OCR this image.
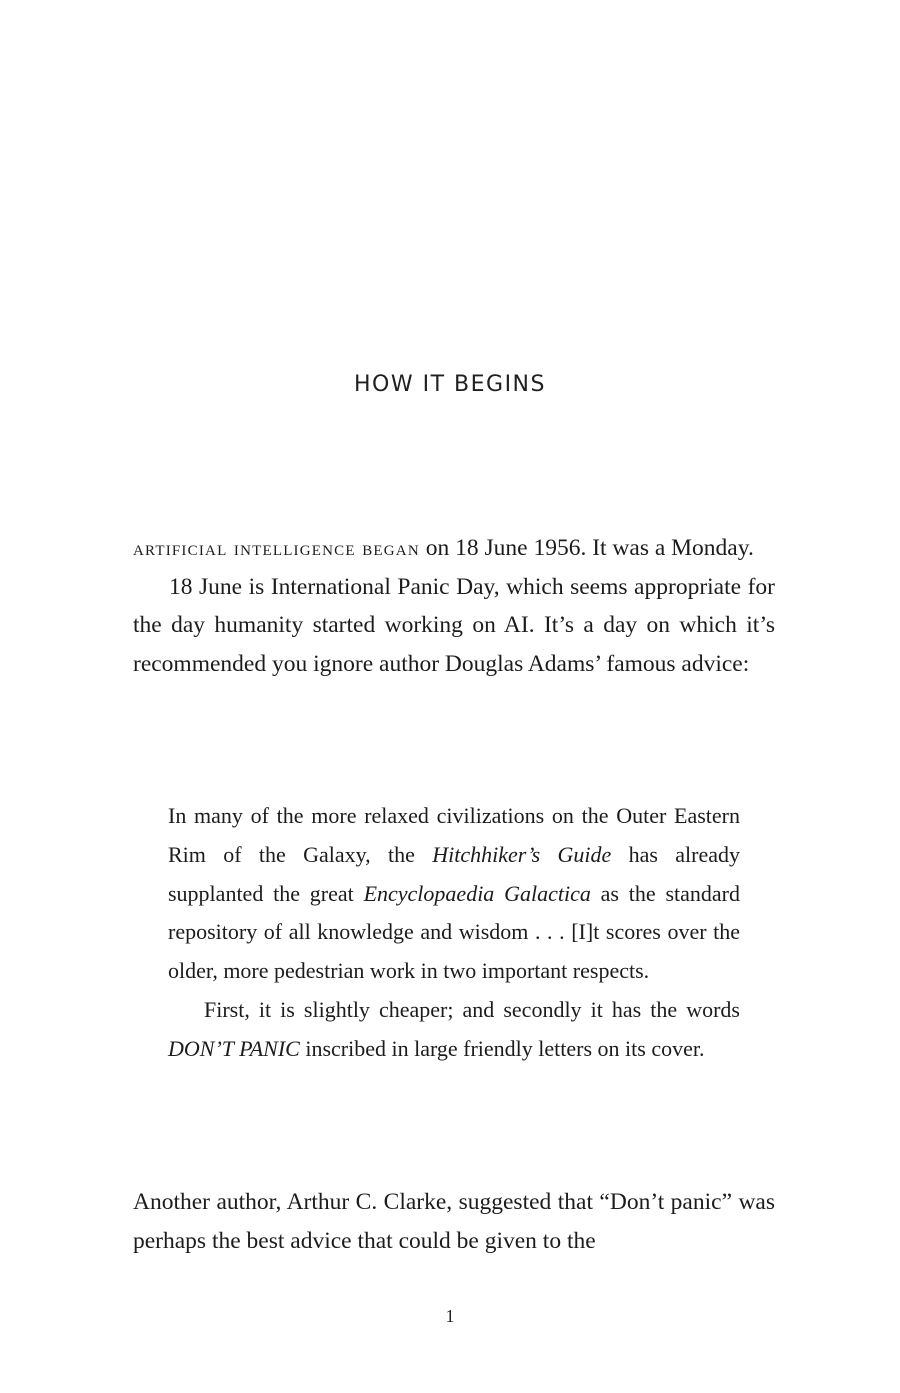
HOW IT BEGINS

artificial intelligence began on 18 June 1956. It was a Monday.

18 June is International Panic Day, which seems appropriate for the day humanity started working on AI. It’s a day on which it’s recommended you ignore author Douglas Adams’ famous advice:

In many of the more relaxed civilizations on the Outer Eastern Rim of the Galaxy, the Hitchhiker’s Guide has already supplanted the great Encyclopaedia Galactica as the standard repository of all knowledge and wisdom . . . [I]t scores over the older, more pedestrian work in two important respects.

First, it is slightly cheaper; and secondly it has the words DON’T PANIC inscribed in large friendly letters on its cover.

Another author, Arthur C. Clarke, suggested that “Don’t panic” was perhaps the best advice that could be given to the

1
